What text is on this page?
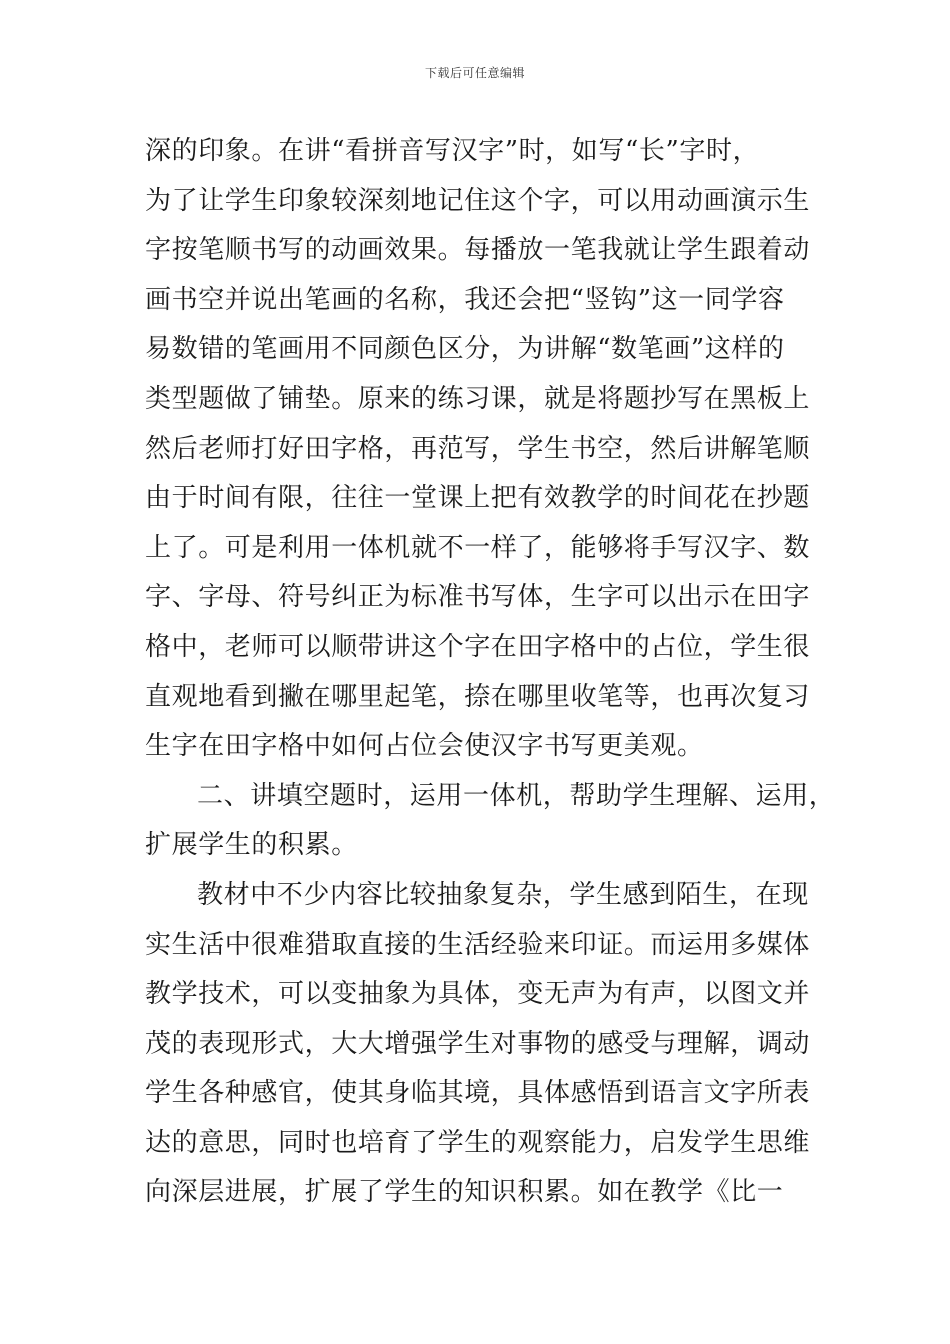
下载后可任意编辑
深的印象。在讲“看拼音写汉字”时，如写“长”字时，
为了让学生印象较深刻地记住这个字，可以用动画演示生
字按笔顺书写的动画效果。每播放一笔我就让学生跟着动
画书空并说出笔画的名称，我还会把“竖钩”这一同学容
易数错的笔画用不同颜色区分，为讲解“数笔画”这样的
类型题做了铺垫。原来的练习课，就是将题抄写在黑板上
然后老师打好田字格，再范写，学生书空，然后讲解笔顺
由于时间有限，往往一堂课上把有效教学的时间花在抄题
上了。可是利用一体机就不一样了，能够将手写汉字、数
字、字母、符号纠正为标准书写体，生字可以出示在田字
格中，老师可以顺带讲这个字在田字格中的占位，学生很
直观地看到撇在哪里起笔，捺在哪里收笔等，也再次复习
生字在田字格中如何占位会使汉字书写更美观。
二、讲填空题时，运用一体机，帮助学生理解、运用，
扩展学生的积累。
教材中不少内容比较抽象复杂，学生感到陌生，在现
实生活中很难猎取直接的生活经验来印证。而运用多媒体
教学技术，可以变抽象为具体，变无声为有声，以图文并
茂的表现形式，大大增强学生对事物的感受与理解，调动
学生各种感官，使其身临其境，具体感悟到语言文字所表
达的意思，同时也培育了学生的观察能力，启发学生思维
向深层进展，扩展了学生的知识积累。如在教学《比一
